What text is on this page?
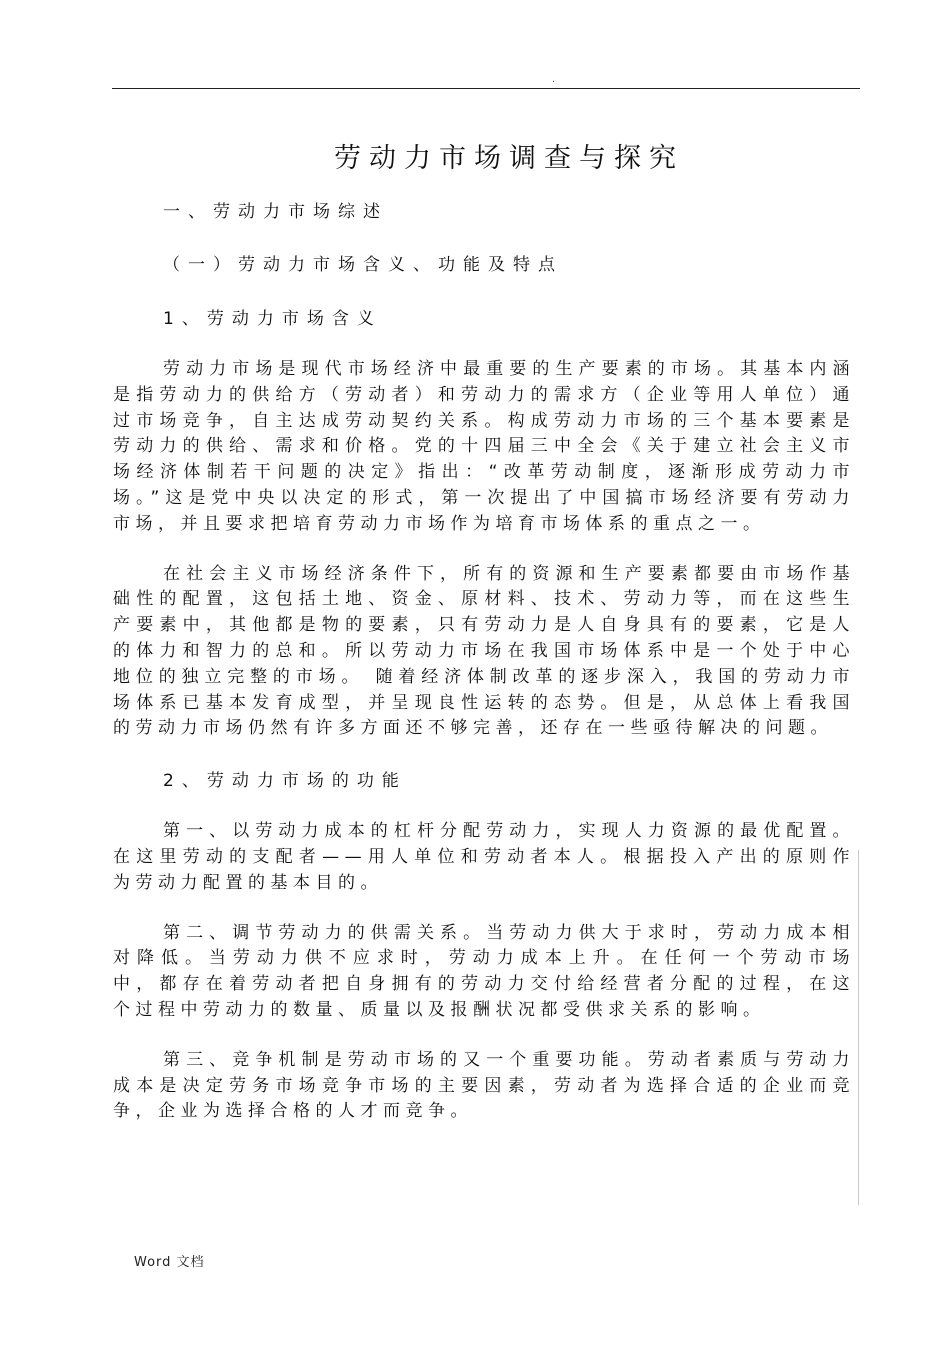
.
劳动力市场调查与探究

一、劳动力市场综述

（一）劳动力市场含义、功能及特点

1、劳动力市场含义

劳动力市场是现代市场经济中最重要的生产要素的市场。其基本内涵是指劳动力的供给方（劳动者）和劳动力的需求方（企业等用人单位）通过市场竞争，自主达成劳动契约关系。构成劳动力市场的三个基本要素是劳动力的供给、需求和价格。党的十四届三中全会《关于建立社会主义市场经济体制若干问题的决定》指出：“改革劳动制度，逐渐形成劳动力市场。”这是党中央以决定的形式，第一次提出了中国搞市场经济要有劳动力市场，并且要求把培育劳动力市场作为培育市场体系的重点之一。

在社会主义市场经济条件下，所有的资源和生产要素都要由市场作基础性的配置，这包括土地、资金、原材料、技术、劳动力等，而在这些生产要素中，其他都是物的要素，只有劳动力是人自身具有的要素，它是人的体力和智力的总和。所以劳动力市场在我国市场体系中是一个处于中心地位的独立完整的市场。 随着经济体制改革的逐步深入，我国的劳动力市场体系已基本发育成型，并呈现良性运转的态势。但是，从总体上看我国的劳动力市场仍然有许多方面还不够完善，还存在一些亟待解决的问题。

2、劳动力市场的功能

第一、以劳动力成本的杠杆分配劳动力，实现人力资源的最优配置。在这里劳动的支配者——用人单位和劳动者本人。根据投入产出的原则作为劳动力配置的基本目的。

第二、调节劳动力的供需关系。当劳动力供大于求时，劳动力成本相对降低。当劳动力供不应求时，劳动力成本上升。在任何一个劳动市场中，都存在着劳动者把自身拥有的劳动力交付给经营者分配的过程，在这个过程中劳动力的数量、质量以及报酬状况都受供求关系的影响。

第三、竞争机制是劳动市场的又一个重要功能。劳动者素质与劳动力成本是决定劳务市场竞争市场的主要因素，劳动者为选择合适的企业而竞争，企业为选择合格的人才而竞争。

Word 文档
